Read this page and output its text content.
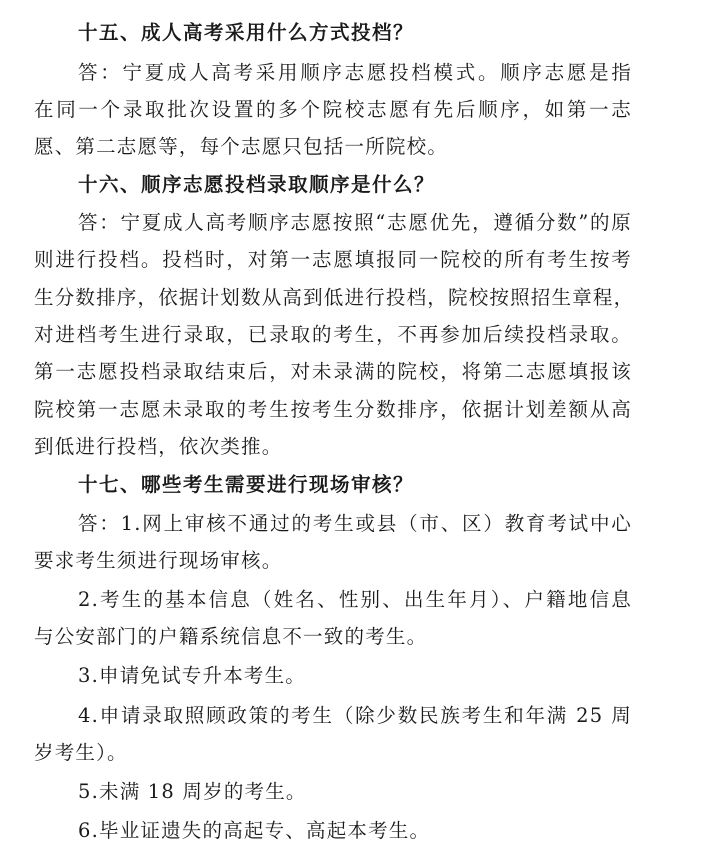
十五、成人高考采用什么方式投档？
答：宁夏成人高考采用顺序志愿投档模式。顺序志愿是指
在同一个录取批次设置的多个院校志愿有先后顺序，如第一志
愿、第二志愿等，每个志愿只包括一所院校。
十六、顺序志愿投档录取顺序是什么？
答：宁夏成人高考顺序志愿按照“志愿优先，遵循分数”的原
则进行投档。投档时，对第一志愿填报同一院校的所有考生按考
生分数排序，依据计划数从高到低进行投档，院校按照招生章程，
对进档考生进行录取，已录取的考生，不再参加后续投档录取。
第一志愿投档录取结束后，对未录满的院校，将第二志愿填报该
院校第一志愿未录取的考生按考生分数排序，依据计划差额从高
到低进行投档，依次类推。
十七、哪些考生需要进行现场审核？
答：1.网上审核不通过的考生或县（市、区）教育考试中心
要求考生须进行现场审核。
2.考生的基本信息（姓名、性别、出生年月）、户籍地信息
与公安部门的户籍系统信息不一致的考生。
3.申请免试专升本考生。
4.申请录取照顾政策的考生（除少数民族考生和年满 25 周
岁考生）。
5.未满 18 周岁的考生。
6.毕业证遗失的高起专、高起本考生。
